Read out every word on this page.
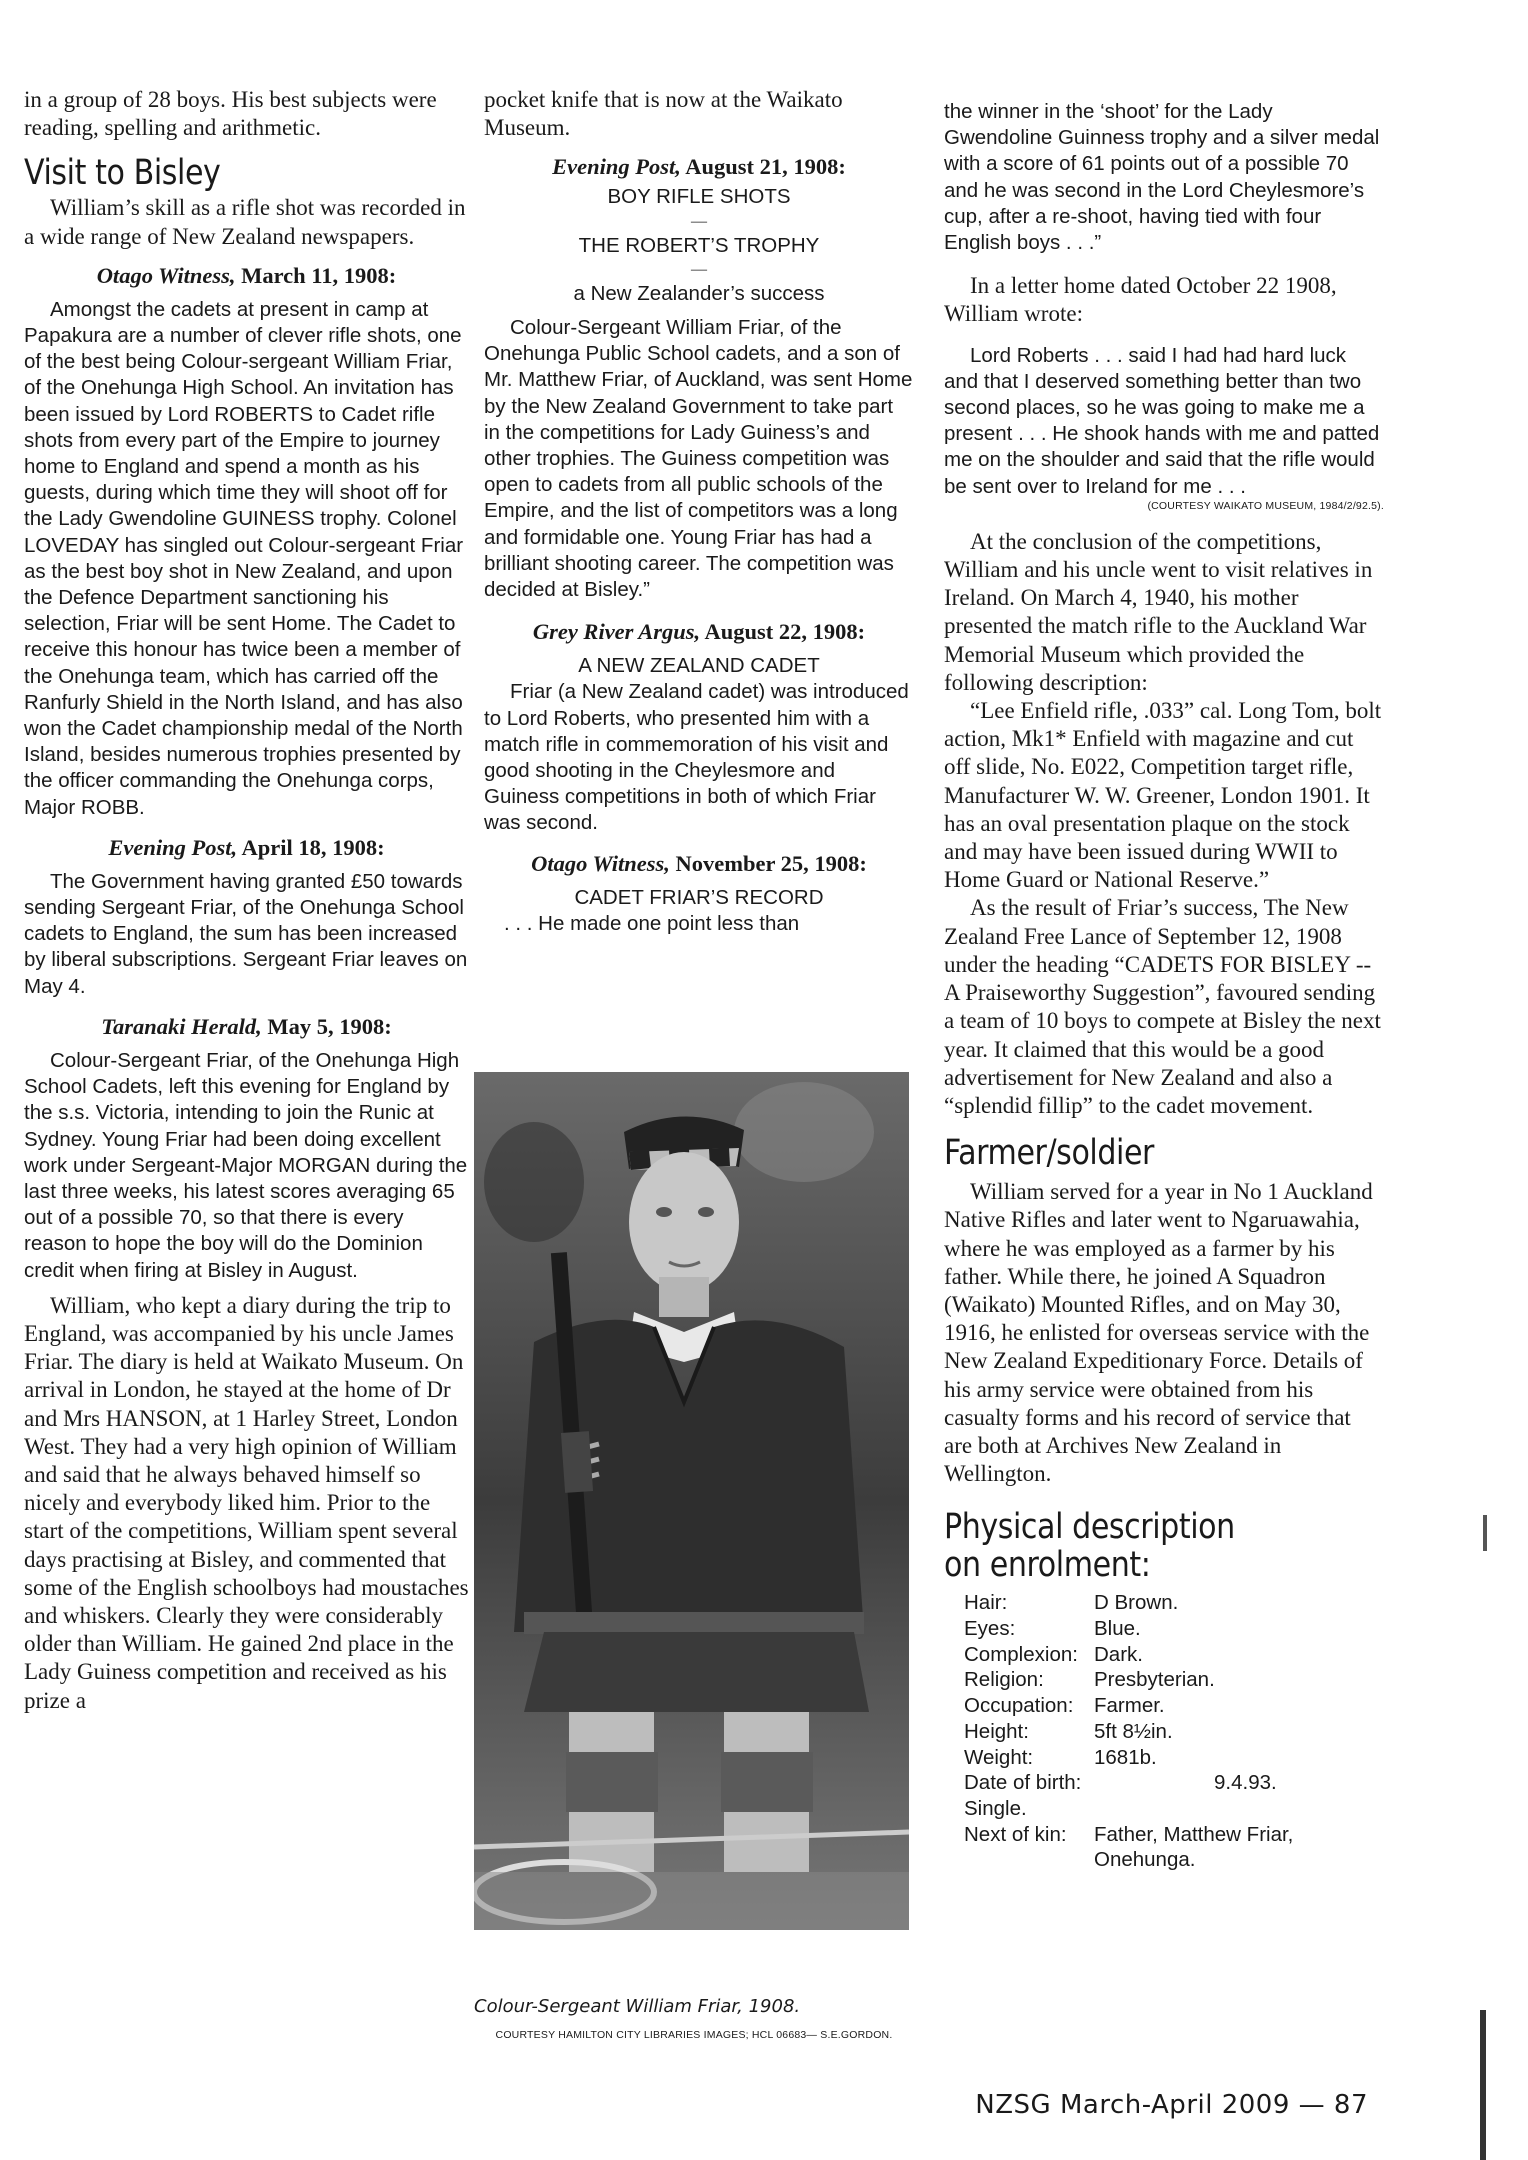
in a group of 28 boys. His best subjects were reading, spelling and arithmetic.

Visit to Bisley

William’s skill as a rifle shot was recorded in a wide range of New Zealand newspapers.

Otago Witness, March 11, 1908:

Amongst the cadets at present in camp at Papakura are a number of clever rifle shots, one of the best being Colour-sergeant William Friar, of the Onehunga High School. An invitation has been issued by Lord ROBERTS to Cadet rifle shots from every part of the Empire to journey home to England and spend a month as his guests, during which time they will shoot off for the Lady Gwendoline GUINESS trophy. Colonel LOVEDAY has singled out Colour-sergeant Friar as the best boy shot in New Zealand, and upon the Defence Department sanctioning his selection, Friar will be sent Home. The Cadet to receive this honour has twice been a member of the Onehunga team, which has carried off the Ranfurly Shield in the North Island, and has also won the Cadet championship medal of the North Island, besides numerous trophies presented by the officer commanding the Onehunga corps, Major ROBB.

Evening Post, April 18, 1908:

The Government having granted £50 towards sending Sergeant Friar, of the Onehunga School cadets to England, the sum has been increased by liberal subscriptions. Sergeant Friar leaves on May 4.

Taranaki Herald, May 5, 1908:

Colour-Sergeant Friar, of the Onehunga High School Cadets, left this evening for England by the s.s. Victoria, intending to join the Runic at Sydney. Young Friar had been doing excellent work under Sergeant-Major MORGAN during the last three weeks, his latest scores averaging 65 out of a possible 70, so that there is every reason to hope the boy will do the Dominion credit when firing at Bisley in August.

William, who kept a diary during the trip to England, was accompanied by his uncle James Friar. The diary is held at Waikato Museum. On arrival in London, he stayed at the home of Dr and Mrs HANSON, at 1 Harley Street, London West. They had a very high opinion of William and said that he always behaved himself so nicely and everybody liked him. Prior to the start of the competitions, William spent several days practising at Bisley, and commented that some of the English schoolboys had moustaches and whiskers. Clearly they were considerably older than William. He gained 2nd place in the Lady Guiness competition and received as his prize a

pocket knife that is now at the Waikato Museum.

Evening Post, August 21, 1908:

BOY RIFLE SHOTS

—

THE ROBERT’S TROPHY

—

a New Zealander’s success

Colour-Sergeant William Friar, of the Onehunga Public School cadets, and a son of Mr. Matthew Friar, of Auckland, was sent Home by the New Zealand Government to take part in the competitions for Lady Guiness’s and other trophies. The Guiness competition was open to cadets from all public schools of the Empire, and the list of competitors was a long and formidable one. Young Friar has had a brilliant shooting career. The competition was decided at Bisley.”

Grey River Argus, August 22, 1908:

A NEW ZEALAND CADET

Friar (a New Zealand cadet) was introduced to Lord Roberts, who presented him with a match rifle in commemoration of his visit and good shooting in the Cheylesmore and Guiness competitions in both of which Friar was second.

Otago Witness, November 25, 1908:

CADET FRIAR’S RECORD

. . . He made one point less than

Colour-Sergeant William Friar, 1908.
COURTESY HAMILTON CITY LIBRARIES IMAGES; HCL 06683— S.E.GORDON.

the winner in the ‘shoot’ for the Lady Gwendoline Guinness trophy and a silver medal with a score of 61 points out of a possible 70 and he was second in the Lord Cheylesmore’s cup, after a re-shoot, having tied with four English boys . . .”

In a letter home dated October 22 1908, William wrote:

Lord Roberts . . . said I had had hard luck and that I deserved something better than two second places, so he was going to make me a present . . . He shook hands with me and patted me on the shoulder and said that the rifle would be sent over to Ireland for me . . .

(COURTESY WAIKATO MUSEUM, 1984/2/92.5).

At the conclusion of the competitions, William and his uncle went to visit relatives in Ireland. On March 4, 1940, his mother presented the match rifle to the Auckland War Memorial Museum which provided the following description:

“Lee Enfield rifle, .033” cal. Long Tom, bolt action, Mk1* Enfield with magazine and cut off slide, No. E022, Competition target rifle, Manufacturer W. W. Greener, London 1901. It has an oval presentation plaque on the stock and may have been issued during WWII to Home Guard or National Reserve.”

As the result of Friar’s success, The New Zealand Free Lance of September 12, 1908 under the heading “CADETS FOR BISLEY -- A Praiseworthy Suggestion”, favoured sending a team of 10 boys to compete at Bisley the next year. It claimed that this would be a good advertisement for New Zealand and also a “splendid fillip” to the cadet movement.

Farmer/soldier

William served for a year in No 1 Auckland Native Rifles and later went to Ngaruawahia, where he was employed as a farmer by his father. While there, he joined A Squadron (Waikato) Mounted Rifles, and on May 30, 1916, he enlisted for overseas service with the New Zealand Expeditionary Force. Details of his army service were obtained from his casualty forms and his record of service that are both at Archives New Zealand in Wellington.

Physical description
on enrolment:
Hair:	D Brown.
Eyes:	Blue.
Complexion:	Dark.
Religion:	Presbyterian.
Occupation:	Farmer.
Height:	5ft 8½in.
Weight:	1681b.
Date of birth:	9.4.93.
Single.	
Next of kin:	Father, Matthew Friar,
	Onehunga.
NZSG March-April 2009 — 87
